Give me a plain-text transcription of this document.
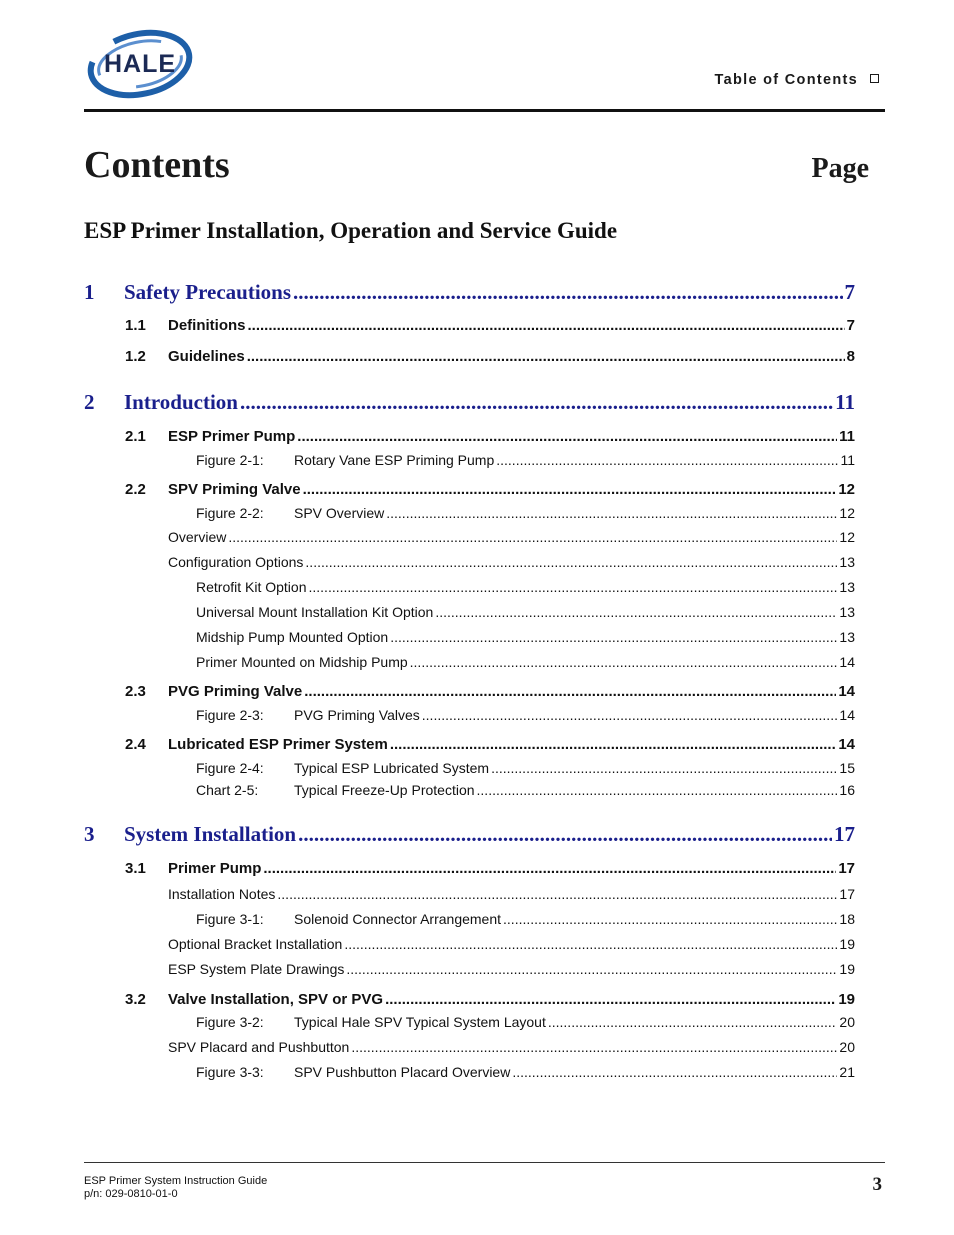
HALE
Table of Contents
Contents	Page
ESP Primer Installation, Operation and Service Guide
1	Safety Precautions .....	7
1.1	Definitions .....	7
1.2	Guidelines .....	8
2	Introduction .....	11
2.1	ESP Primer Pump .....	11
Figure 2-1:	Rotary Vane ESP Priming Pump .....	11
2.2	SPV Priming Valve .....	12
Figure 2-2:	SPV Overview .....	12
Overview .....	12
Configuration Options .....	13
Retrofit Kit Option .....	13
Universal Mount Installation Kit Option .....	13
Midship Pump Mounted Option .....	13
Primer Mounted on Midship Pump .....	14
2.3	PVG Priming Valve .....	14
Figure 2-3:	PVG Priming Valves .....	14
2.4	Lubricated ESP Primer System .....	14
Figure 2-4:	Typical ESP Lubricated System .....	15
Chart 2-5:	Typical Freeze-Up Protection .....	16
3	System Installation .....	17
3.1	Primer Pump .....	17
Installation Notes .....	17
Figure 3-1:	Solenoid Connector Arrangement .....	18
Optional Bracket Installation .....	19
ESP System Plate Drawings .....	19
3.2	Valve Installation, SPV or PVG .....	19
Figure 3-2:	Typical Hale SPV Typical System Layout .....	20
SPV Placard and Pushbutton .....	20
Figure 3-3:	SPV Pushbutton Placard Overview .....	21
ESP Primer System Instruction Guide
p/n: 029-0810-01-0	3
